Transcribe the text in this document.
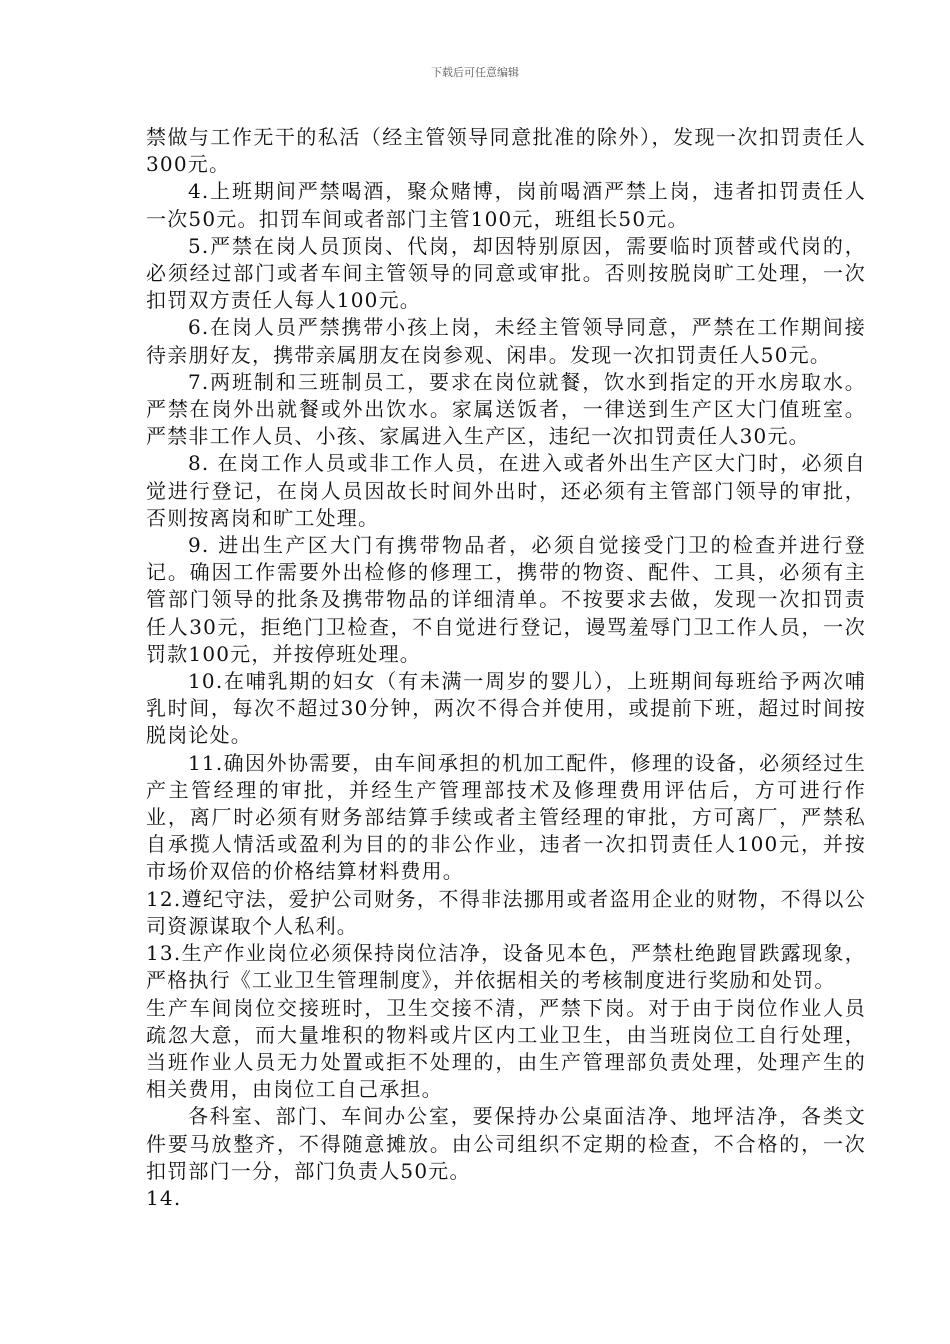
下载后可任意编辑

禁做与工作无干的私活（经主管领导同意批准的除外），发现一次扣罚责任人300元。

4.上班期间严禁喝酒，聚众赌博，岗前喝酒严禁上岗，违者扣罚责任人一次50元。扣罚车间或者部门主管100元，班组长50元。

5.严禁在岗人员顶岗、代岗，却因特别原因，需要临时顶替或代岗的，必须经过部门或者车间主管领导的同意或审批。否则按脱岗旷工处理，一次扣罚双方责任人每人100元。

6.在岗人员严禁携带小孩上岗，未经主管领导同意，严禁在工作期间接待亲朋好友，携带亲属朋友在岗参观、闲串。发现一次扣罚责任人50元。

7.两班制和三班制员工，要求在岗位就餐，饮水到指定的开水房取水。严禁在岗外出就餐或外出饮水。家属送饭者，一律送到生产区大门值班室。严禁非工作人员、小孩、家属进入生产区，违纪一次扣罚责任人30元。

8. 在岗工作人员或非工作人员，在进入或者外出生产区大门时，必须自觉进行登记，在岗人员因故长时间外出时，还必须有主管部门领导的审批，否则按离岗和旷工处理。

9. 进出生产区大门有携带物品者，必须自觉接受门卫的检查并进行登记。确因工作需要外出检修的修理工，携带的物资、配件、工具，必须有主管部门领导的批条及携带物品的详细清单。不按要求去做，发现一次扣罚责任人30元，拒绝门卫检查，不自觉进行登记，谩骂羞辱门卫工作人员，一次罚款100元，并按停班处理。

10.在哺乳期的妇女（有未满一周岁的婴儿），上班期间每班给予两次哺乳时间，每次不超过30分钟，两次不得合并使用，或提前下班，超过时间按脱岗论处。

11.确因外协需要，由车间承担的机加工配件，修理的设备，必须经过生产主管经理的审批，并经生产管理部技术及修理费用评估后，方可进行作业，离厂时必须有财务部结算手续或者主管经理的审批，方可离厂，严禁私自承揽人情活或盈利为目的的非公作业，违者一次扣罚责任人100元，并按市场价双倍的价格结算材料费用。

12.遵纪守法，爱护公司财务，不得非法挪用或者盗用企业的财物，不得以公司资源谋取个人私利。

13.生产作业岗位必须保持岗位洁净，设备见本色，严禁杜绝跑冒跌露现象，严格执行《工业卫生管理制度》，并依据相关的考核制度进行奖励和处罚。

生产车间岗位交接班时，卫生交接不清，严禁下岗。对于由于岗位作业人员疏忽大意，而大量堆积的物料或片区内工业卫生，由当班岗位工自行处理，当班作业人员无力处置或拒不处理的，由生产管理部负责处理，处理产生的相关费用，由岗位工自己承担。

各科室、部门、车间办公室，要保持办公桌面洁净、地坪洁净，各类文件要马放整齐，不得随意摊放。由公司组织不定期的检查，不合格的，一次扣罚部门一分，部门负责人50元。

14.
